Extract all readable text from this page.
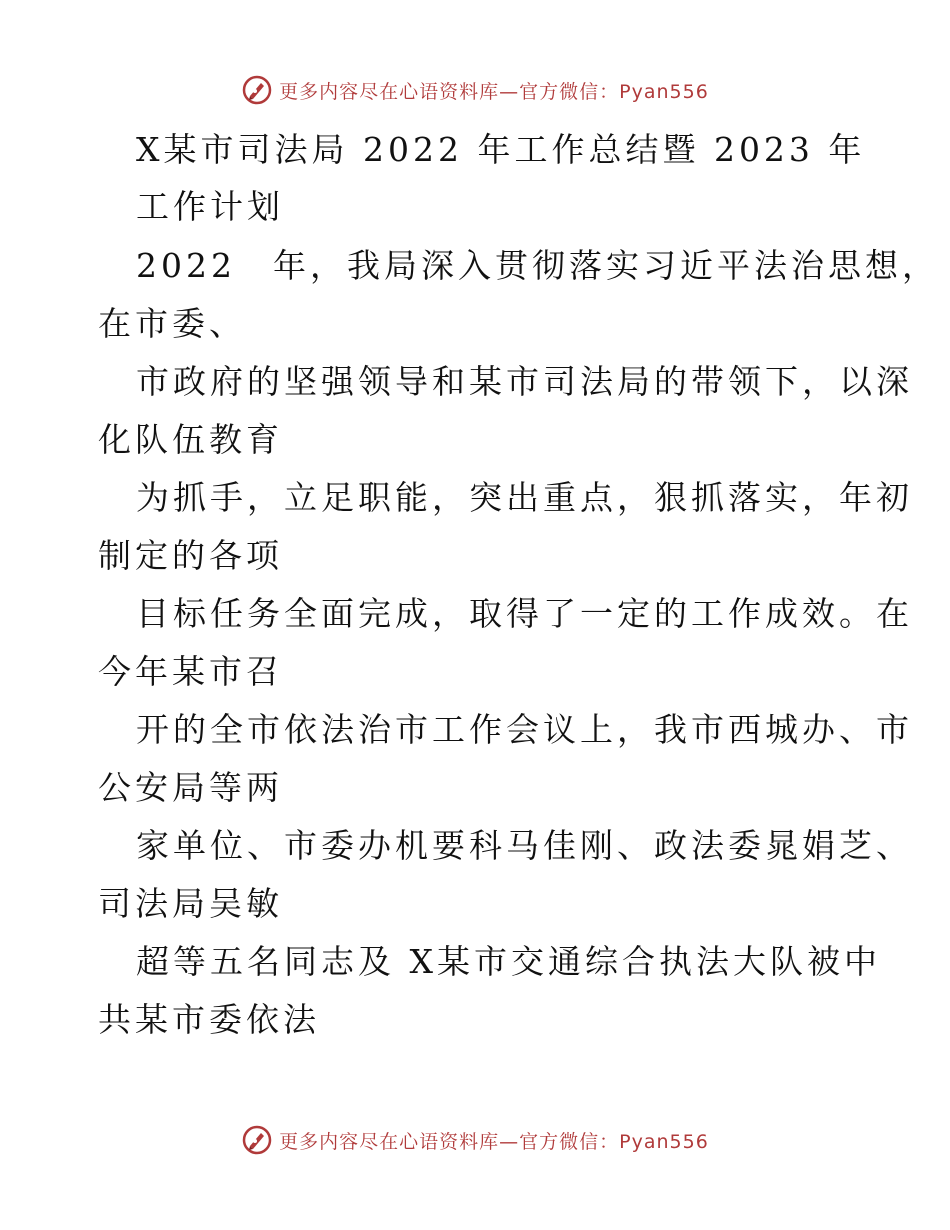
更多内容尽在心语资料库—官方微信：Pyan556
X某市司法局 2022 年工作总结暨 2023 年
工作计划
2022　年，我局深入贯彻落实习近平法治思想，
在市委、
市政府的坚强领导和某市司法局的带领下，以深
化队伍教育
为抓手，立足职能，突出重点，狠抓落实，年初
制定的各项
目标任务全面完成，取得了一定的工作成效。在
今年某市召
开的全市依法治市工作会议上，我市西城办、市
公安局等两
家单位、市委办机要科马佳刚、政法委晁娟芝、
司法局吴敏
超等五名同志及 X某市交通综合执法大队被中
共某市委依法
更多内容尽在心语资料库—官方微信：Pyan556
